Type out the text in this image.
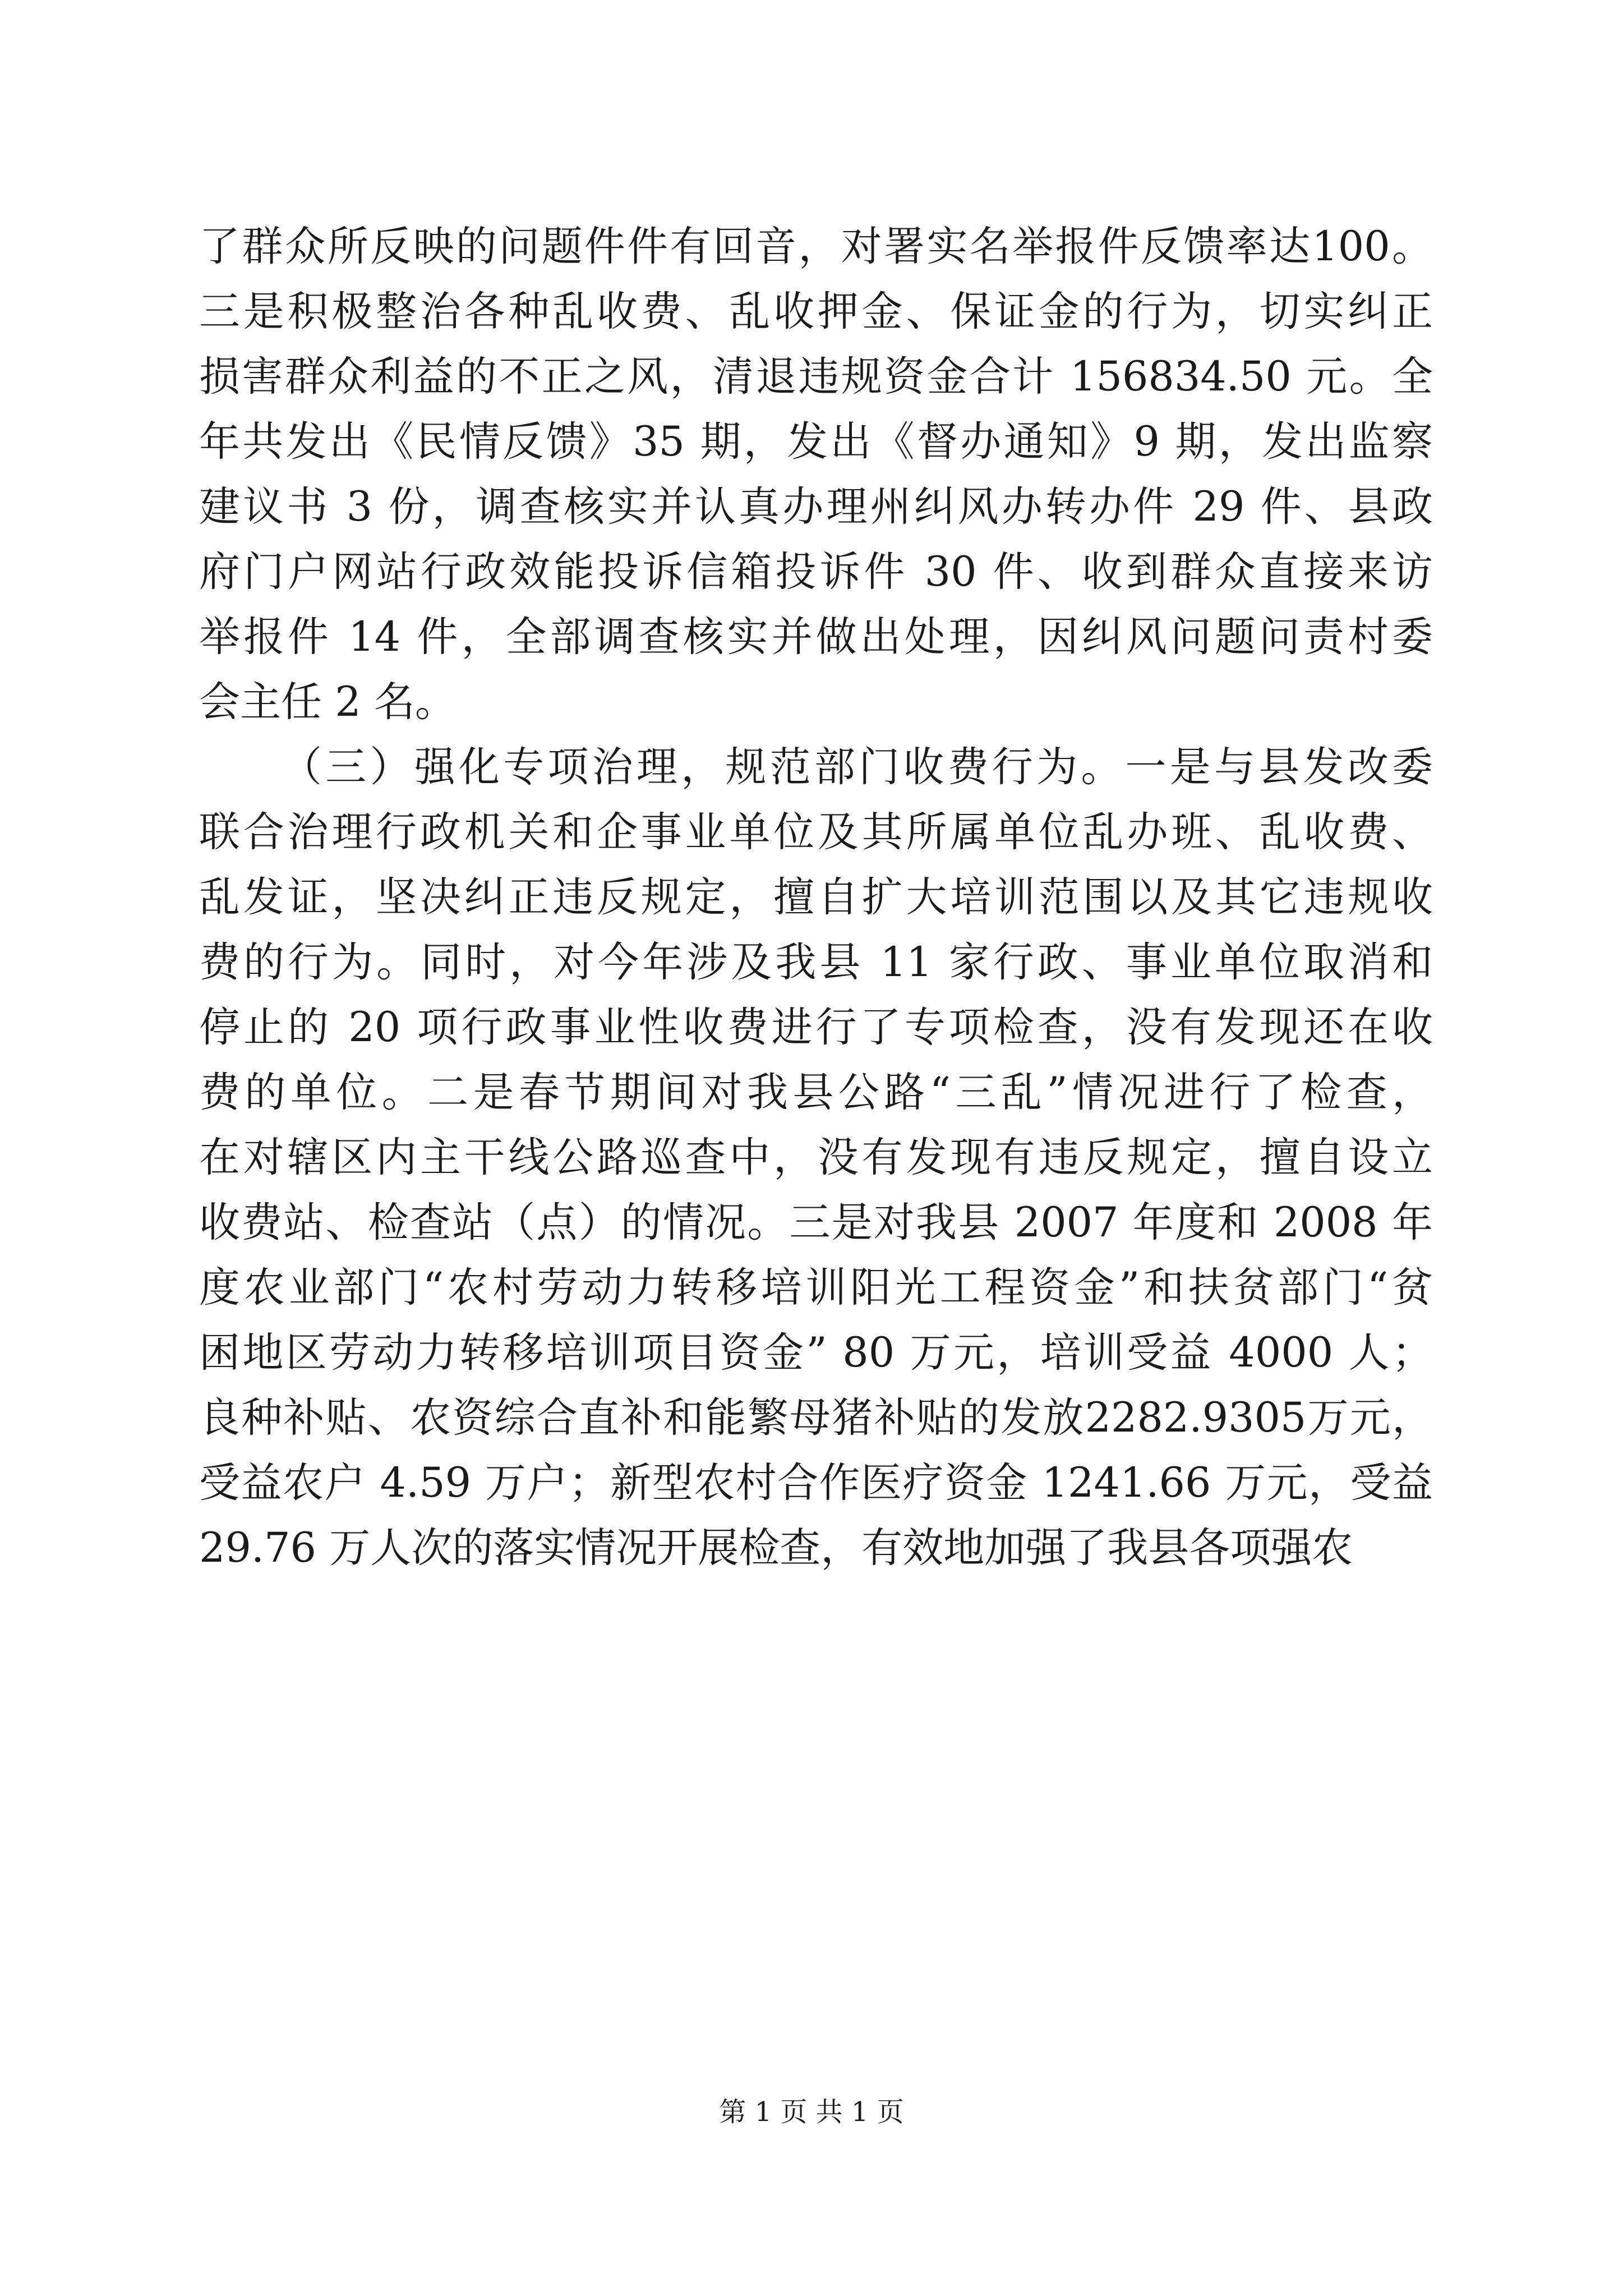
了群众所反映的问题件件有回音，对署实名举报件反馈率达100。
三是积极整治各种乱收费、乱收押金、保证金的行为，切实纠正
损害群众利益的不正之风，清退违规资金合计 156834.50 元。全
年共发出《民情反馈》35 期，发出《督办通知》9 期，发出监察
建议书 3 份，调查核实并认真办理州纠风办转办件 29 件、县政
府门户网站行政效能投诉信箱投诉件 30 件、收到群众直接来访
举报件 14 件，全部调查核实并做出处理，因纠风问题问责村委
会主任 2 名。
（三）强化专项治理，规范部门收费行为。一是与县发改委
联合治理行政机关和企事业单位及其所属单位乱办班、乱收费、
乱发证，坚决纠正违反规定，擅自扩大培训范围以及其它违规收
费的行为。同时，对今年涉及我县 11 家行政、事业单位取消和
停止的 20 项行政事业性收费进行了专项检查，没有发现还在收
费的单位。二是春节期间对我县公路“三乱”情况进行了检查，
在对辖区内主干线公路巡查中，没有发现有违反规定，擅自设立
收费站、检查站（点）的情况。三是对我县 2007 年度和 2008 年
度农业部门“农村劳动力转移培训阳光工程资金”和扶贫部门“贫
困地区劳动力转移培训项目资金” 80 万元，培训受益 4000 人；
良种补贴、农资综合直补和能繁母猪补贴的发放2282.9305万元，
受益农户 4.59 万户；新型农村合作医疗资金 1241.66 万元，受益
29.76 万人次的落实情况开展检查，有效地加强了我县各项强农
第 1 页 共 1 页
